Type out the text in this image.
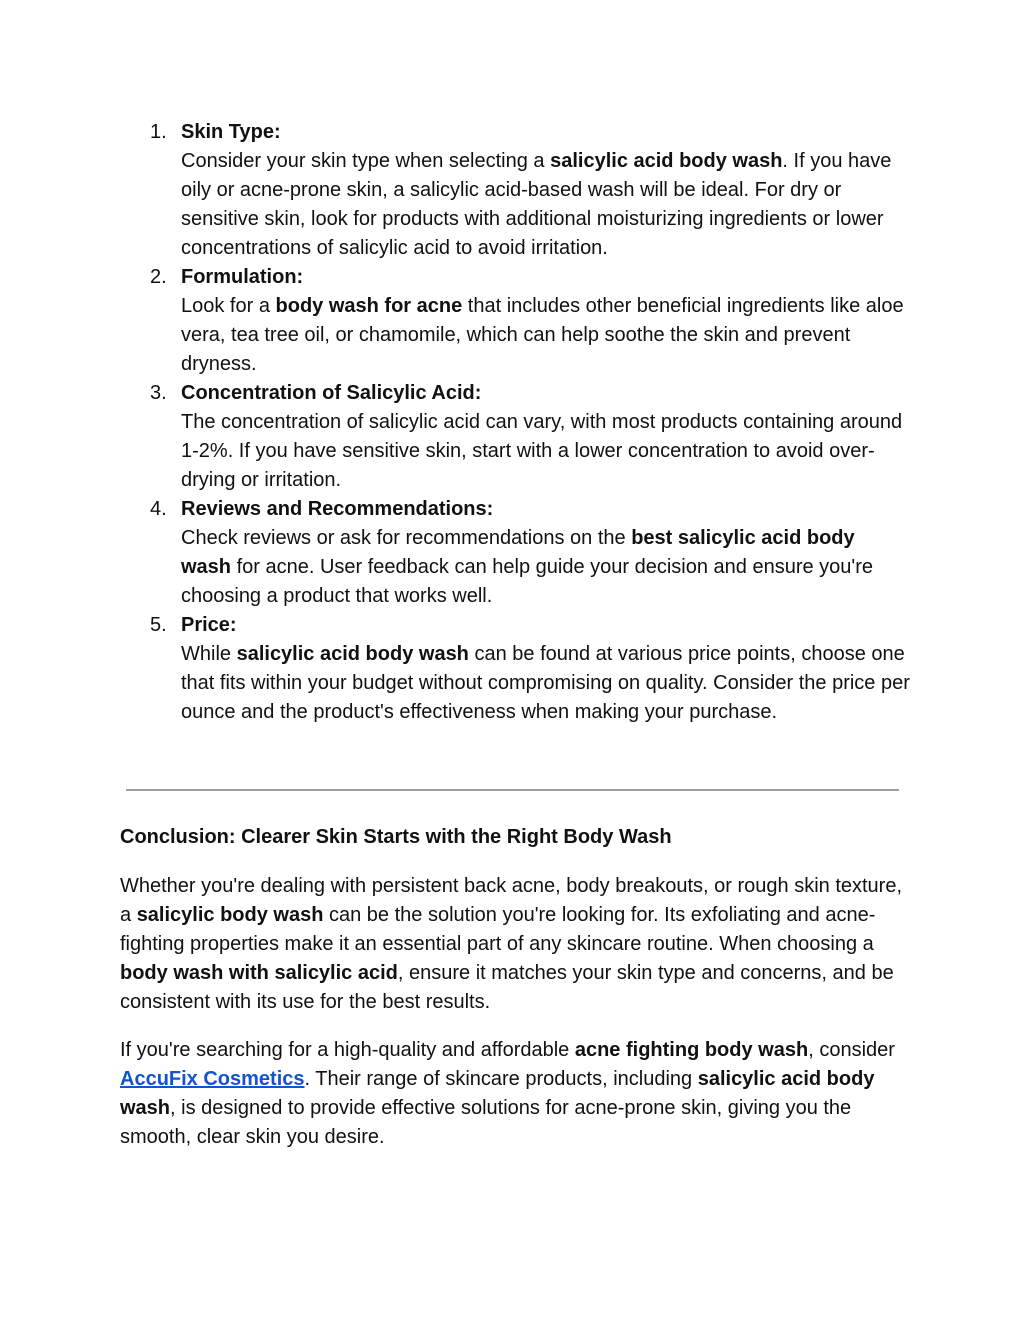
1. Skin Type:
Consider your skin type when selecting a salicylic acid body wash. If you have oily or acne-prone skin, a salicylic acid-based wash will be ideal. For dry or sensitive skin, look for products with additional moisturizing ingredients or lower concentrations of salicylic acid to avoid irritation.
2. Formulation:
Look for a body wash for acne that includes other beneficial ingredients like aloe vera, tea tree oil, or chamomile, which can help soothe the skin and prevent dryness.
3. Concentration of Salicylic Acid:
The concentration of salicylic acid can vary, with most products containing around 1-2%. If you have sensitive skin, start with a lower concentration to avoid over-drying or irritation.
4. Reviews and Recommendations:
Check reviews or ask for recommendations on the best salicylic acid body wash for acne. User feedback can help guide your decision and ensure you're choosing a product that works well.
5. Price:
While salicylic acid body wash can be found at various price points, choose one that fits within your budget without compromising on quality. Consider the price per ounce and the product's effectiveness when making your purchase.
Conclusion: Clearer Skin Starts with the Right Body Wash

Whether you're dealing with persistent back acne, body breakouts, or rough skin texture, a salicylic body wash can be the solution you're looking for. Its exfoliating and acne-fighting properties make it an essential part of any skincare routine. When choosing a body wash with salicylic acid, ensure it matches your skin type and concerns, and be consistent with its use for the best results.

If you're searching for a high-quality and affordable acne fighting body wash, consider AccuFix Cosmetics. Their range of skincare products, including salicylic acid body wash, is designed to provide effective solutions for acne-prone skin, giving you the smooth, clear skin you desire.
